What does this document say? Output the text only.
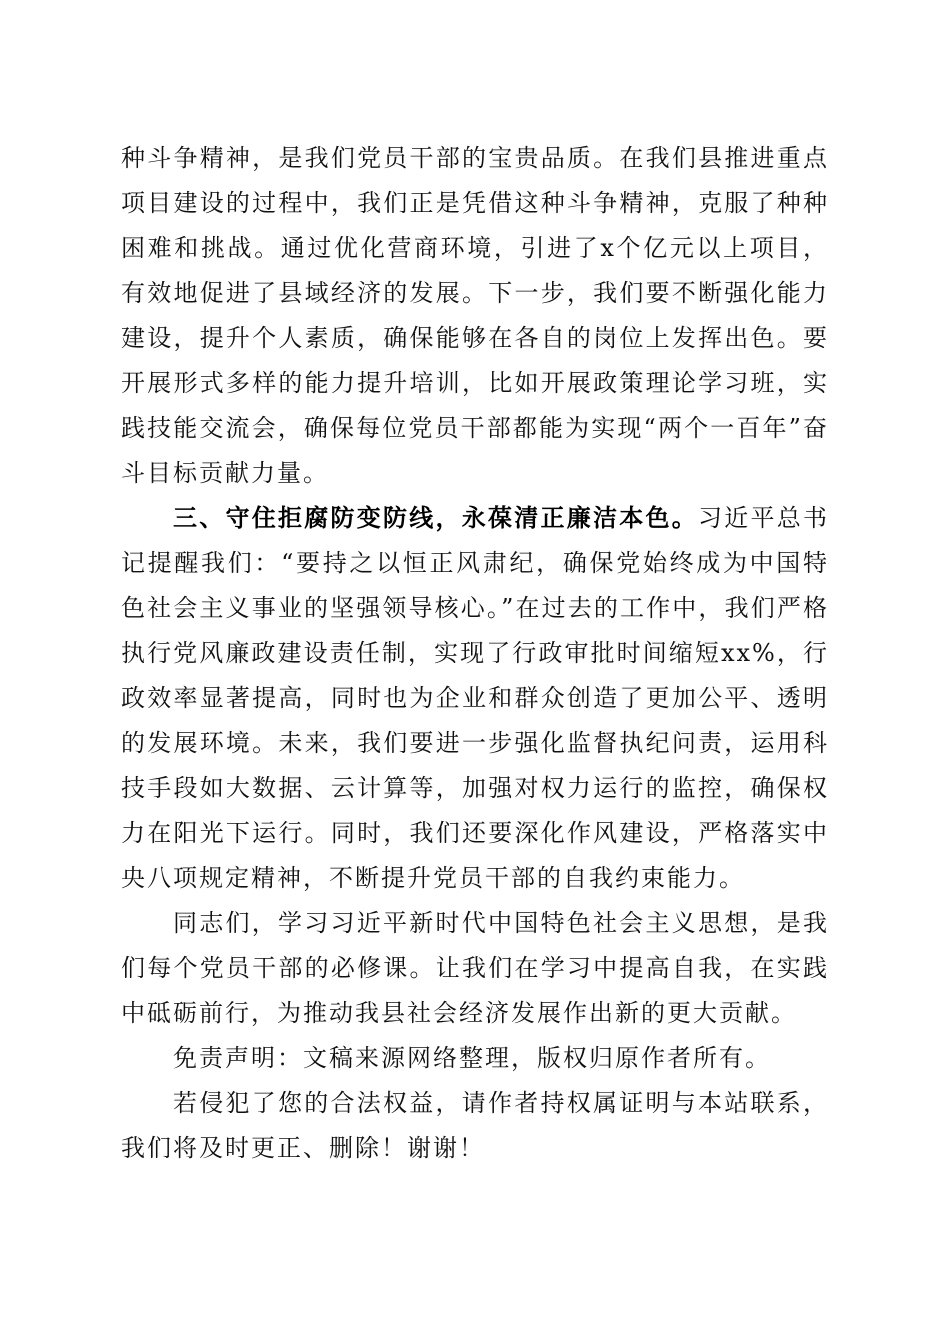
种斗争精神，是我们党员干部的宝贵品质。在我们县推进重点项目建设的过程中，我们正是凭借这种斗争精神，克服了种种困难和挑战。通过优化营商环境，引进了x个亿元以上项目，有效地促进了县域经济的发展。下一步，我们要不断强化能力建设，提升个人素质，确保能够在各自的岗位上发挥出色。要开展形式多样的能力提升培训，比如开展政策理论学习班，实践技能交流会，确保每位党员干部都能为实现“两个一百年”奋斗目标贡献力量。

三、守住拒腐防变防线，永葆清正廉洁本色。习近平总书记提醒我们：“要持之以恒正风肃纪，确保党始终成为中国特色社会主义事业的坚强领导核心。”在过去的工作中，我们严格执行党风廉政建设责任制，实现了行政审批时间缩短xx%，行政效率显著提高，同时也为企业和群众创造了更加公平、透明的发展环境。未来，我们要进一步强化监督执纪问责，运用科技手段如大数据、云计算等，加强对权力运行的监控，确保权力在阳光下运行。同时，我们还要深化作风建设，严格落实中央八项规定精神，不断提升党员干部的自我约束能力。

同志们，学习习近平新时代中国特色社会主义思想，是我们每个党员干部的必修课。让我们在学习中提高自我，在实践中砥砺前行，为推动我县社会经济发展作出新的更大贡献。

免责声明：文稿来源网络整理，版权归原作者所有。

若侵犯了您的合法权益，请作者持权属证明与本站联系，我们将及时更正、删除！谢谢！
